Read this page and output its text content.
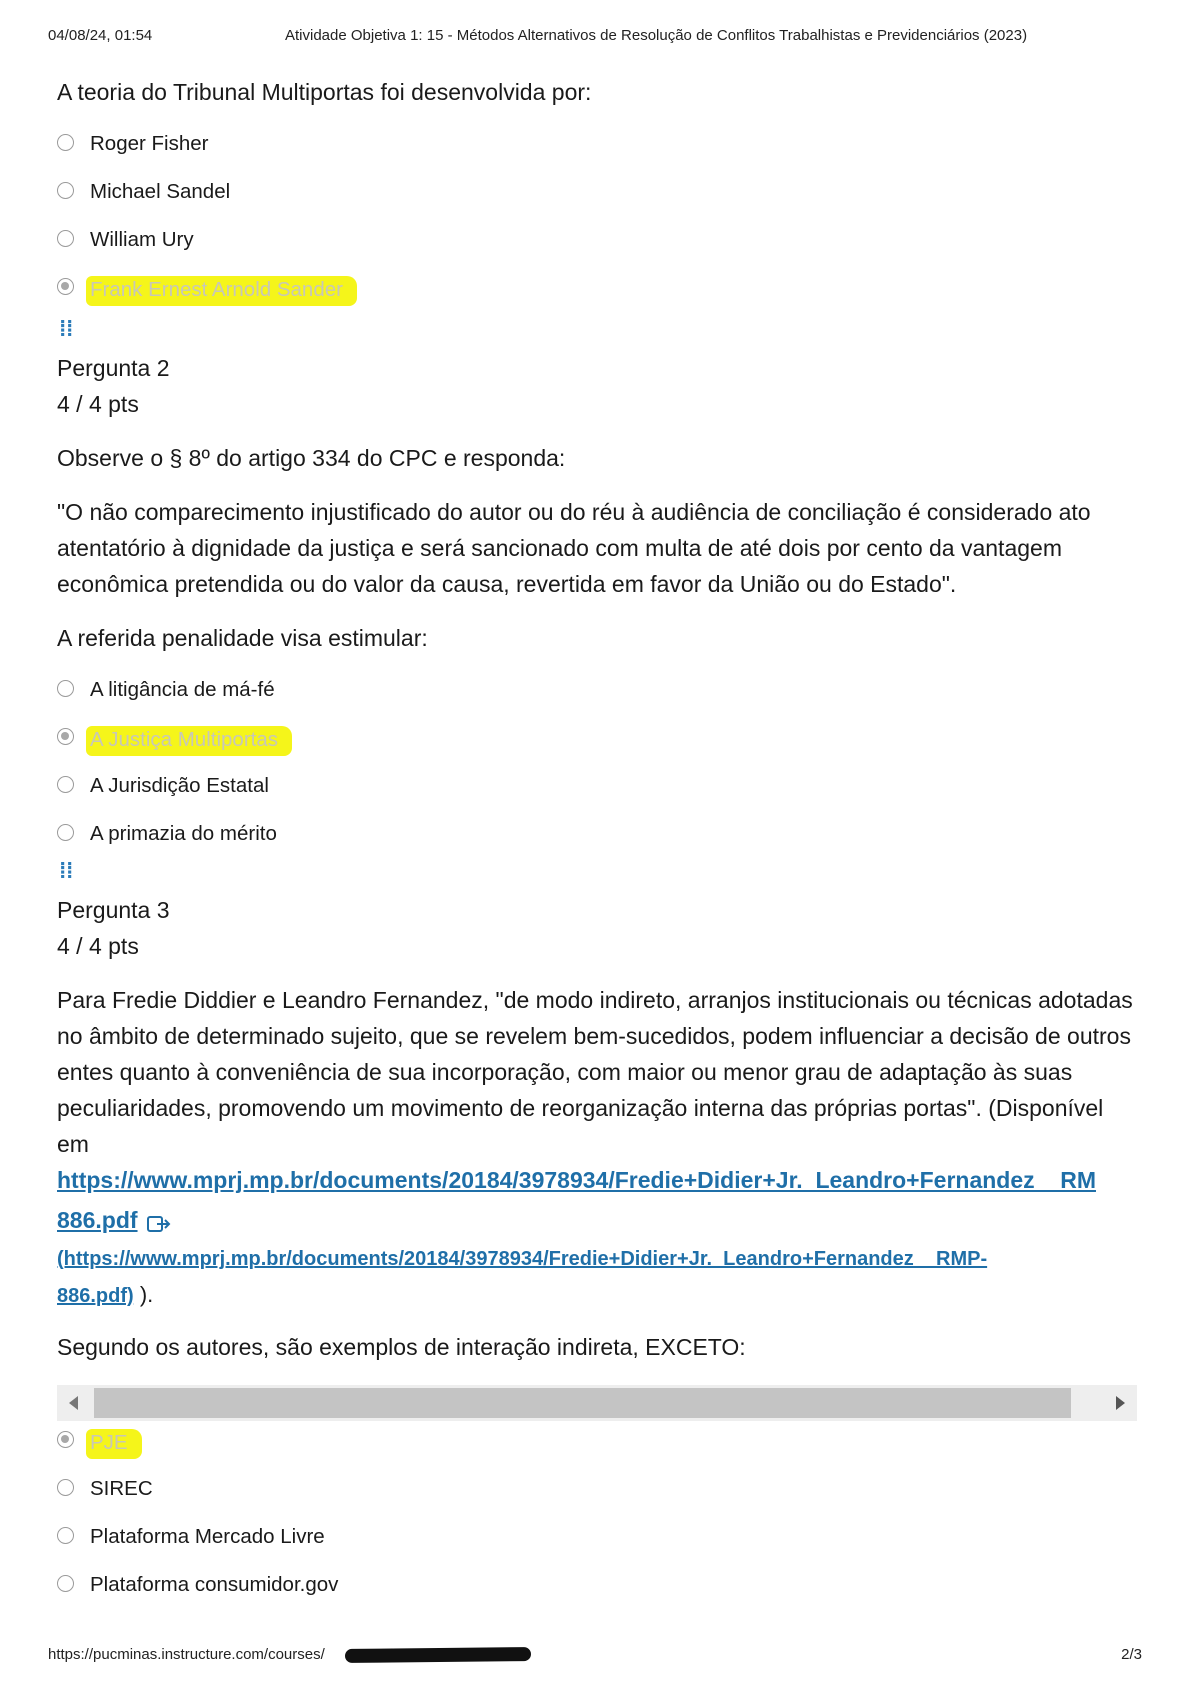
04/08/24, 01:54	Atividade Objetiva 1: 15 - Métodos Alternativos de Resolução de Conflitos Trabalhistas e Previdenciários (2023)

A teoria do Tribunal Multiportas foi desenvolvida por:

Roger Fisher
Michael Sandel
William Ury
Frank Ernest Arnold Sander
⁞ ⁞
Pergunta 2
4 / 4 pts

Observe o § 8º do artigo 334 do CPC e responda:

"O não comparecimento injustificado do autor ou do réu à audiência de conciliação é considerado ato atentatório à dignidade da justiça e será sancionado com multa de até dois por cento da vantagem econômica pretendida ou do valor da causa, revertida em favor da União ou do Estado".

A referida penalidade visa estimular:

A litigância de má-fé
A Justiça Multiportas
A Jurisdição Estatal
A primazia do mérito
⁞ ⁞
Pergunta 3
4 / 4 pts

Para Fredie Diddier e Leandro Fernandez, "de modo indireto, arranjos institucionais ou técnicas adotadas no âmbito de determinado sujeito, que se revelem bem-sucedidos, podem influenciar a decisão de outros entes quanto à conveniência de sua incorporação, com maior ou menor grau de adaptação às suas peculiaridades, promovendo um movimento de reorganização interna das próprias portas". (Disponível em

https://www.mprj.mp.br/documents/20184/3978934/Fredie+Didier+Jr._Leandro+Fernandez__RM
886.pdf
(https://www.mprj.mp.br/documents/20184/3978934/Fredie+Didier+Jr._Leandro+Fernandez__RMP-
886.pdf) ).

Segundo os autores, são exemplos de interação indireta, EXCETO:

PJE
SIREC
Plataforma Mercado Livre
Plataforma consumidor.gov
https://pucminas.instructure.com/courses/	2/3
